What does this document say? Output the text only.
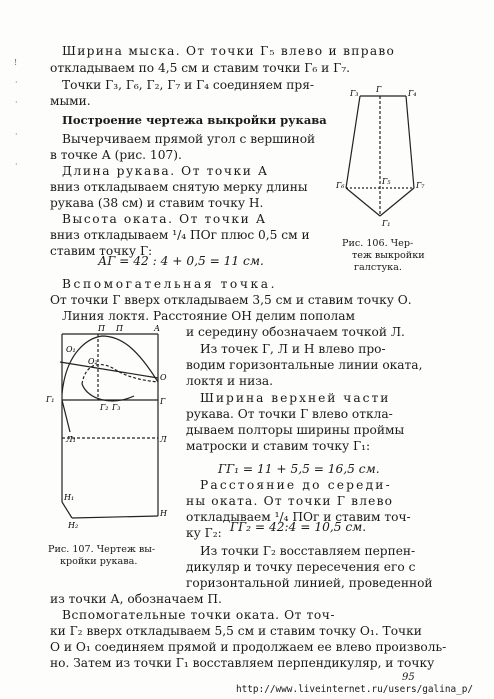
!
·
·
·
·
Ширина мыска. От точки Г₅ влево и вправо
откладываем по 4,5 см и ставим точки Г₆ и Г₇.
Точки Г₃, Г₆, Г₂, Г₇ и Г₄ соединяем пря-
мыми.
Построение чертежа выкройки рукава
Вычерчиваем прямой угол с вершиной
в точке А (рис. 107).
Длина рукава. От точки А
вниз откладываем снятую мерку длины
рукава (38 см) и ставим точку Н.
Высота оката. От точки А
вниз откладываем ¹/₄ ПОг плюс 0,5 см и
ставим точку Г:
АГ = 42 : 4 + 0,5 = 11 см.
Г₃ Г	Г₄
Г₆	Г₅	Г₇
Г₁
Рис. 106. Чер-
теж выкройки
галстука.
Вспомогательная точка.
От точки Г вверх откладываем 3,5 см и ставим точку О.
Линия локтя. Расстояние ОН делим пополам
и середину обозначаем точкой Л.
Из точек Г, Л и Н влево про-
водим горизонтальные линии оката,
локтя и низа.
Ширина верхней части
рукава. От точки Г влево откла-
дываем полторы ширины проймы
матроски и ставим точку Г₁:
ГГ₁ = 11 + 5,5 = 16,5 см.
П П	А
О₁
Г₁
О
О₂
Г
Г₂
Л₁	Л
Н₁
Н
Н₂
Г₃
Рис. 107. Чертеж вы-
кройки рукава.
Расстояние до середи-
ны оката. От точки Г влево
откладываем ¹/₄ ПОг и ставим точ-
ку Г₂: ГГ₂ = 42:4 = 10,5 см.
Из точки Г₂ восставляем перпен-
дикуляр и точку пересечения его с
горизонтальной линией, проведенной
из точки А, обозначаем П.
Вспомогательные точки оката. От точ-
ки Г₂ вверх откладываем 5,5 см и ставим точку О₁. Точки
О и О₁ соединяем прямой и продолжаем ее влево произволь-
но. Затем из точки Г₁ восставляем перпендикуляр, и точку
95
http://www.liveinternet.ru/users/galina_p/
